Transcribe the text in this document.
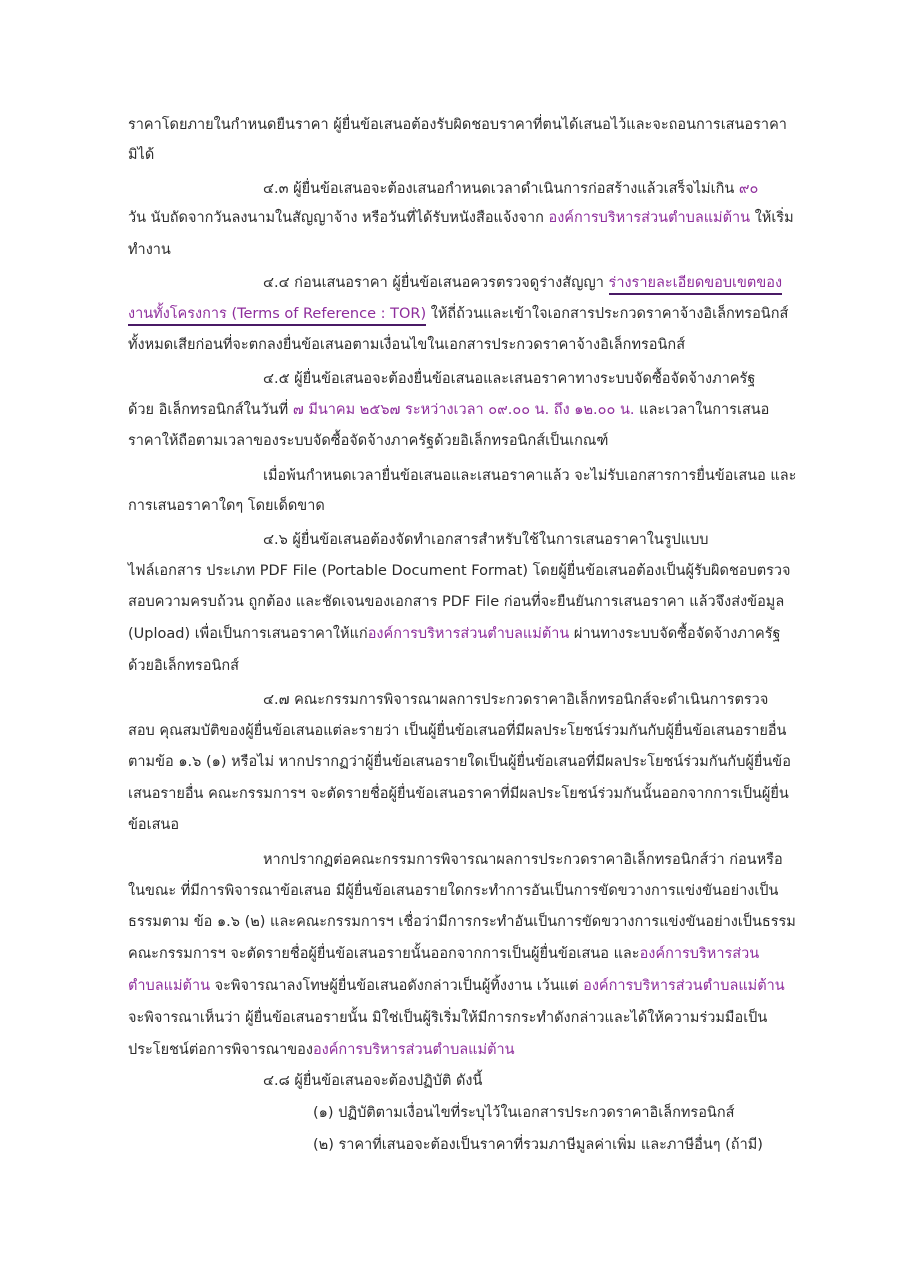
ราคาโดยภายในกำหนดยืนราคา ผู้ยื่นข้อเสนอต้องรับผิดชอบราคาที่ตนได้เสนอไว้และจะถอนการเสนอราคา
มิได้
๔.๓ ผู้ยื่นข้อเสนอจะต้องเสนอกำหนดเวลาดำเนินการก่อสร้างแล้วเสร็จไม่เกิน ๙๐
วัน นับถัดจากวันลงนามในสัญญาจ้าง หรือวันที่ได้รับหนังสือแจ้งจาก องค์การบริหารส่วนตำบลแม่ต้าน ให้เริ่ม
ทำงาน
๔.๔ ก่อนเสนอราคา ผู้ยื่นข้อเสนอควรตรวจดูร่างสัญญา ร่างรายละเอียดขอบเขตของ
งานทั้งโครงการ (Terms of Reference : TOR) ให้ถี่ถ้วนและเข้าใจเอกสารประกวดราคาจ้างอิเล็กทรอนิกส์
ทั้งหมดเสียก่อนที่จะตกลงยื่นข้อเสนอตามเงื่อนไขในเอกสารประกวดราคาจ้างอิเล็กทรอนิกส์
๔.๕ ผู้ยื่นข้อเสนอจะต้องยื่นข้อเสนอและเสนอราคาทางระบบจัดซื้อจัดจ้างภาครัฐ
ด้วย อิเล็กทรอนิกส์ในวันที่ ๗ มีนาคม ๒๕๖๗ ระหว่างเวลา ๐๙.๐๐ น. ถึง ๑๒.๐๐ น. และเวลาในการเสนอ
ราคาให้ถือตามเวลาของระบบจัดซื้อจัดจ้างภาครัฐด้วยอิเล็กทรอนิกส์เป็นเกณฑ์
เมื่อพ้นกำหนดเวลายื่นข้อเสนอและเสนอราคาแล้ว จะไม่รับเอกสารการยื่นข้อเสนอ และ
การเสนอราคาใดๆ โดยเด็ดขาด
๔.๖ ผู้ยื่นข้อเสนอต้องจัดทำเอกสารสำหรับใช้ในการเสนอราคาในรูปแบบ
ไฟล์เอกสาร ประเภท PDF File (Portable Document Format) โดยผู้ยื่นข้อเสนอต้องเป็นผู้รับผิดชอบตรวจ
สอบความครบถ้วน ถูกต้อง และชัดเจนของเอกสาร PDF File ก่อนที่จะยืนยันการเสนอราคา แล้วจึงส่งข้อมูล
(Upload) เพื่อเป็นการเสนอราคาให้แก่องค์การบริหารส่วนตำบลแม่ต้าน ผ่านทางระบบจัดซื้อจัดจ้างภาครัฐ
ด้วยอิเล็กทรอนิกส์
๔.๗ คณะกรรมการพิจารณาผลการประกวดราคาอิเล็กทรอนิกส์จะดำเนินการตรวจ
สอบ คุณสมบัติของผู้ยื่นข้อเสนอแต่ละรายว่า เป็นผู้ยื่นข้อเสนอที่มีผลประโยชน์ร่วมกันกับผู้ยื่นข้อเสนอรายอื่น
ตามข้อ ๑.๖ (๑) หรือไม่ หากปรากฏว่าผู้ยื่นข้อเสนอรายใดเป็นผู้ยื่นข้อเสนอที่มีผลประโยชน์ร่วมกันกับผู้ยื่นข้อ
เสนอรายอื่น คณะกรรมการฯ จะตัดรายชื่อผู้ยื่นข้อเสนอราคาที่มีผลประโยชน์ร่วมกันนั้นออกจากการเป็นผู้ยื่น
ข้อเสนอ
หากปรากฏต่อคณะกรรมการพิจารณาผลการประกวดราคาอิเล็กทรอนิกส์ว่า ก่อนหรือ
ในขณะ ที่มีการพิจารณาข้อเสนอ มีผู้ยื่นข้อเสนอรายใดกระทำการอันเป็นการขัดขวางการแข่งขันอย่างเป็น
ธรรมตาม ข้อ ๑.๖ (๒) และคณะกรรมการฯ เชื่อว่ามีการกระทำอันเป็นการขัดขวางการแข่งขันอย่างเป็นธรรม
คณะกรรมการฯ จะตัดรายชื่อผู้ยื่นข้อเสนอรายนั้นออกจากการเป็นผู้ยื่นข้อเสนอ และองค์การบริหารส่วน
ตำบลแม่ต้าน จะพิจารณาลงโทษผู้ยื่นข้อเสนอดังกล่าวเป็นผู้ทิ้งงาน เว้นแต่ องค์การบริหารส่วนตำบลแม่ต้าน
จะพิจารณาเห็นว่า ผู้ยื่นข้อเสนอรายนั้น มิใช่เป็นผู้ริเริ่มให้มีการกระทำดังกล่าวและได้ให้ความร่วมมือเป็น
ประโยชน์ต่อการพิจารณาขององค์การบริหารส่วนตำบลแม่ต้าน
๔.๘ ผู้ยื่นข้อเสนอจะต้องปฏิบัติ ดังนี้
(๑) ปฏิบัติตามเงื่อนไขที่ระบุไว้ในเอกสารประกวดราคาอิเล็กทรอนิกส์
(๒) ราคาที่เสนอจะต้องเป็นราคาที่รวมภาษีมูลค่าเพิ่ม และภาษีอื่นๆ (ถ้ามี)
